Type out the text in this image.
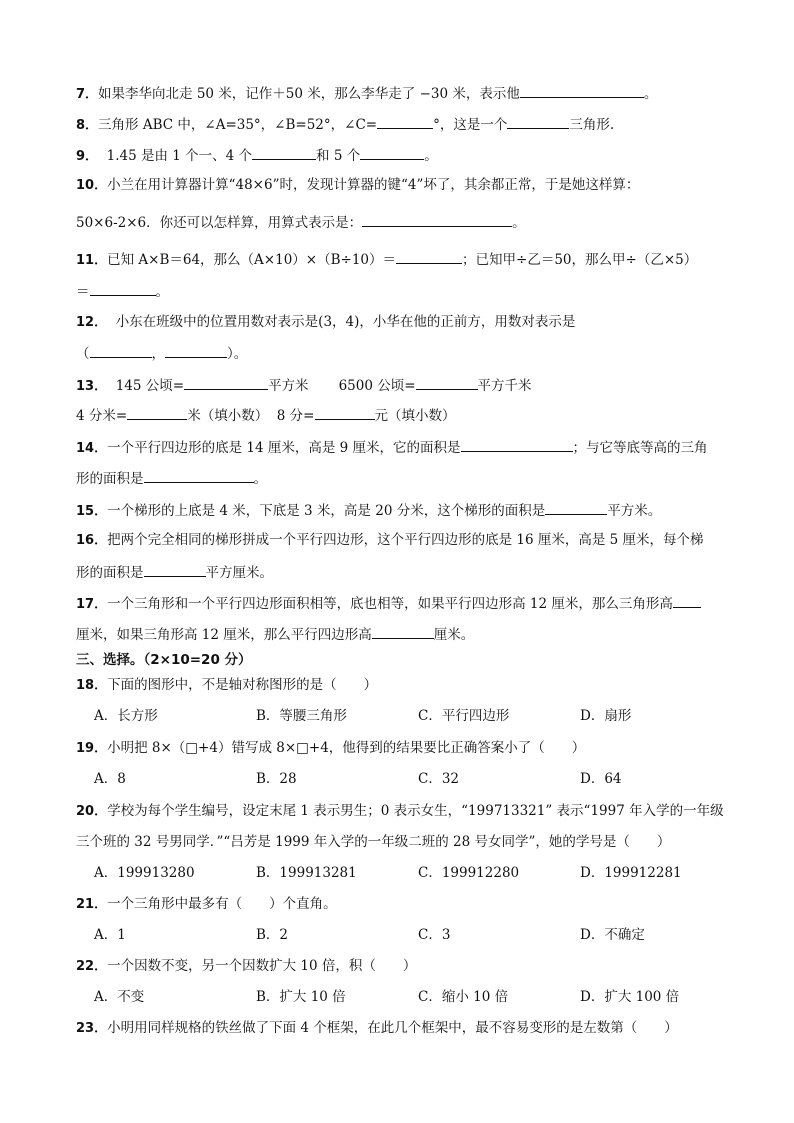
7．如果李华向北走 50 米，记作＋50 米，那么李华走了 −30 米，表示他	。
8．三角形 ABC 中，∠A=35°，∠B=52°，∠C=	°，这是一个	三角形.
9． 1.45 是由 1 个一、4 个	和 5 个	。
10．小兰在用计算器计算“48×6”时，发现计算器的键“4”坏了，其余都正常，于是她这样算：
50×6-2×6．你还可以怎样算，用算式表示是：	。
11．已知 A×B＝64，那么（A×10）×（B÷10）＝	；已知甲÷乙＝50，那么甲÷（乙×5）
＝	。
12． 小东在班级中的位置用数对表示是(3，4)，小华在他的正前方，用数对表示是
（	，	）。
13． 145 公顷=	平方米 6500 公顷=	平方千米
4 分米=	米（填小数） 8 分=	元（填小数）
14．一个平行四边形的底是 14 厘米，高是 9 厘米，它的面积是	；与它等底等高的三角
形的面积是	。
15．一个梯形的上底是 4 米，下底是 3 米，高是 20 分米，这个梯形的面积是	平方米。
16．把两个完全相同的梯形拼成一个平行四边形，这个平行四边形的底是 16 厘米，高是 5 厘米，每个梯
形的面积是	平方厘米。
17．一个三角形和一个平行四边形面积相等，底也相等，如果平行四边形高 12 厘米，那么三角形高
厘米，如果三角形高 12 厘米，那么平行四边形高	厘米。
三、选择。（2×10=20 分）
18．下面的图形中，不是轴对称图形的是（　　）
A．长方形	B．等腰三角形	C．平行四边形	D．扇形
19．小明把 8×（□+4）错写成 8×□+4，他得到的结果要比正确答案小了（　　）
A．8	B．28	C．32	D．64
20．学校为每个学生编号，设定末尾 1 表示男生；0 表示女生，“199713321” 表示“1997 年入学的一年级
三个班的 32 号男同学．”“吕芳是 1999 年入学的一年级二班的 28 号女同学”，她的学号是（　　）
A．199913280	B．199913281	C．199912280	D．199912281
21．一个三角形中最多有（　　）个直角。
A．1	B．2	C．3	D．不确定
22．一个因数不变，另一个因数扩大 10 倍，积（　　）
A．不变	B．扩大 10 倍	C．缩小 10 倍	D．扩大 100 倍
23．小明用同样规格的铁丝做了下面 4 个框架，在此几个框架中，最不容易变形的是左数第（　　）
